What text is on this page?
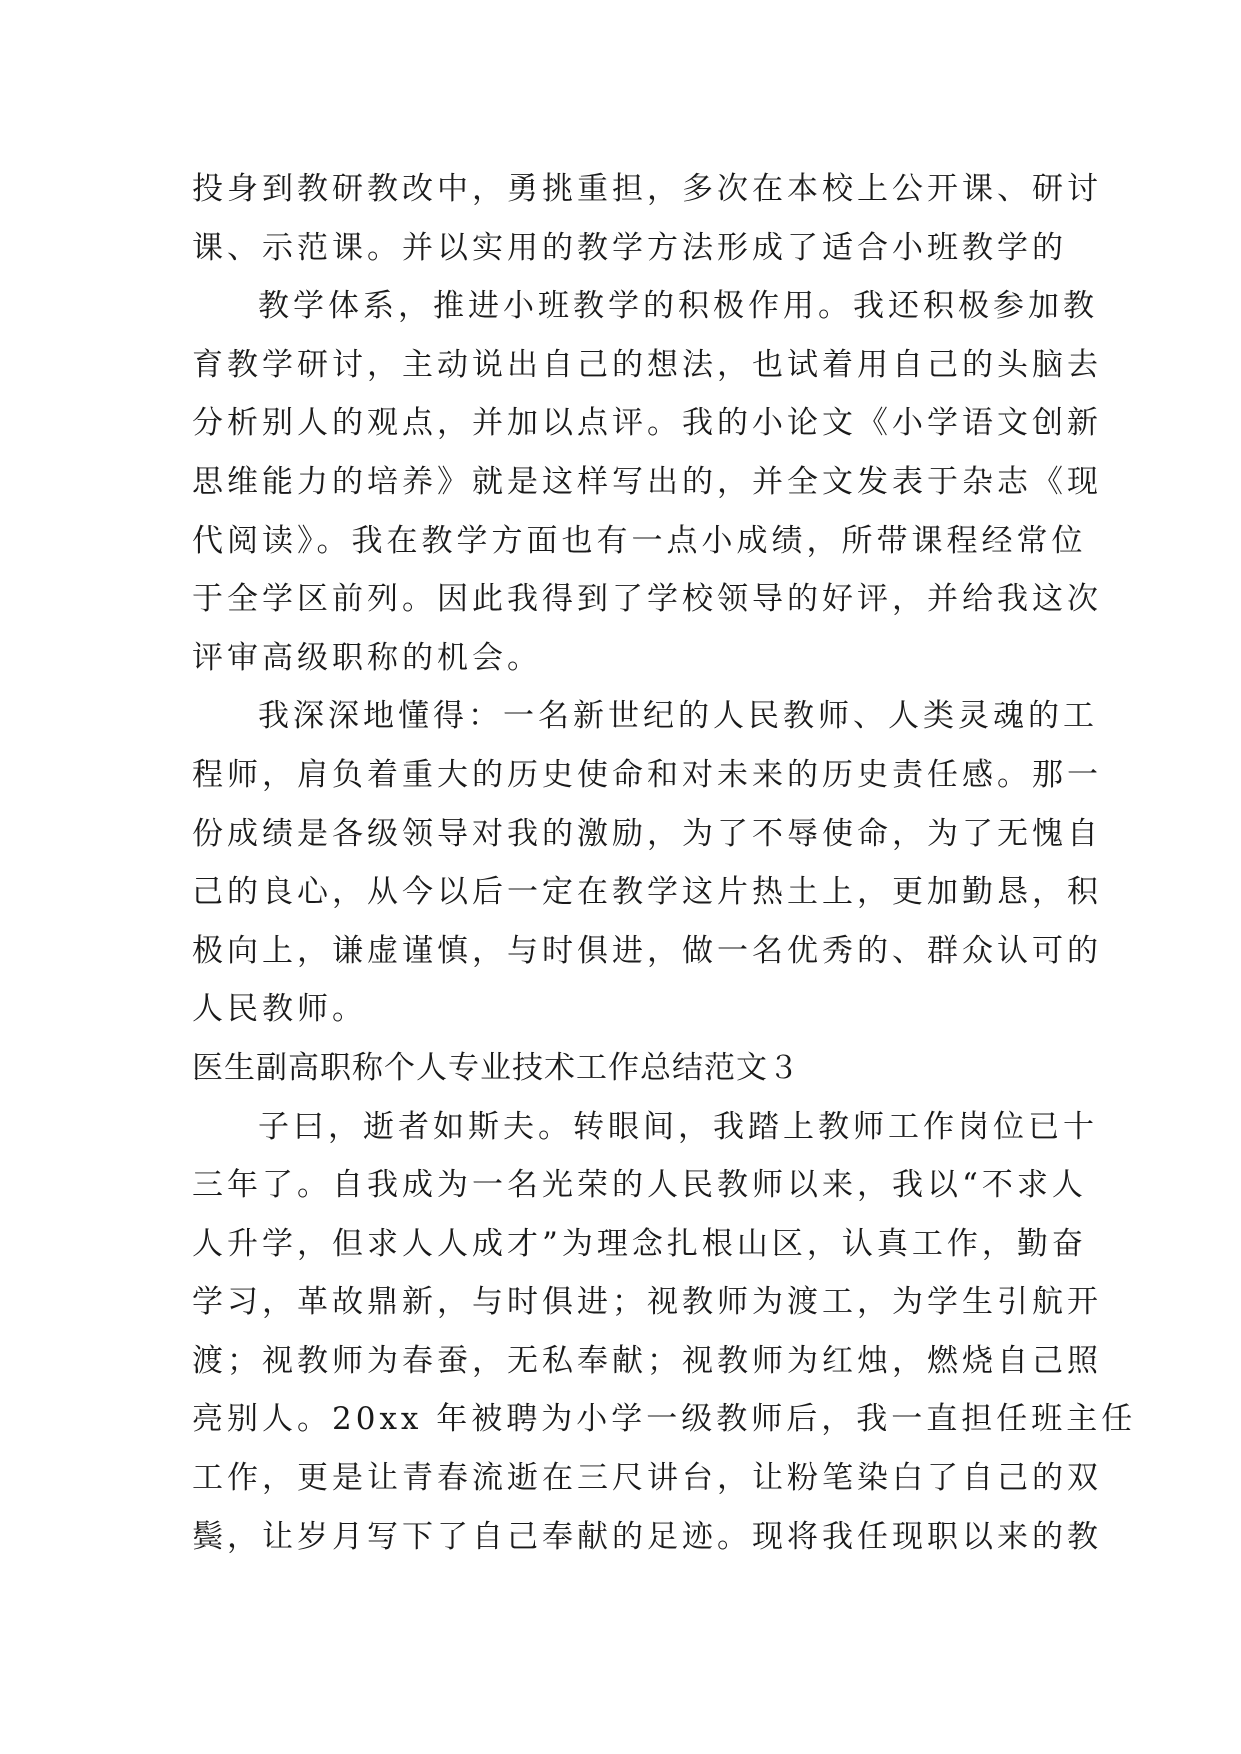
投身到教研教改中，勇挑重担，多次在本校上公开课、研讨
课、示范课。并以实用的教学方法形成了适合小班教学的
教学体系，推进小班教学的积极作用。我还积极参加教
育教学研讨，主动说出自己的想法，也试着用自己的头脑去
分析别人的观点，并加以点评。我的小论文《小学语文创新
思维能力的培养》就是这样写出的，并全文发表于杂志《现
代阅读》。我在教学方面也有一点小成绩，所带课程经常位
于全学区前列。因此我得到了学校领导的好评，并给我这次
评审高级职称的机会。
我深深地懂得：一名新世纪的人民教师、人类灵魂的工
程师，肩负着重大的历史使命和对未来的历史责任感。那一
份成绩是各级领导对我的激励，为了不辱使命，为了无愧自
己的良心，从今以后一定在教学这片热土上，更加勤恳，积
极向上，谦虚谨慎，与时俱进，做一名优秀的、群众认可的
人民教师。
医生副高职称个人专业技术工作总结范文３
子曰，逝者如斯夫。转眼间，我踏上教师工作岗位已十
三年了。自我成为一名光荣的人民教师以来，我以“不求人
人升学，但求人人成才”为理念扎根山区，认真工作，勤奋
学习，革故鼎新，与时俱进；视教师为渡工，为学生引航开
渡；视教师为春蚕，无私奉献；视教师为红烛，燃烧自己照
亮别人。20xx 年被聘为小学一级教师后，我一直担任班主任
工作，更是让青春流逝在三尺讲台，让粉笔染白了自己的双
鬓，让岁月写下了自己奉献的足迹。现将我任现职以来的教
